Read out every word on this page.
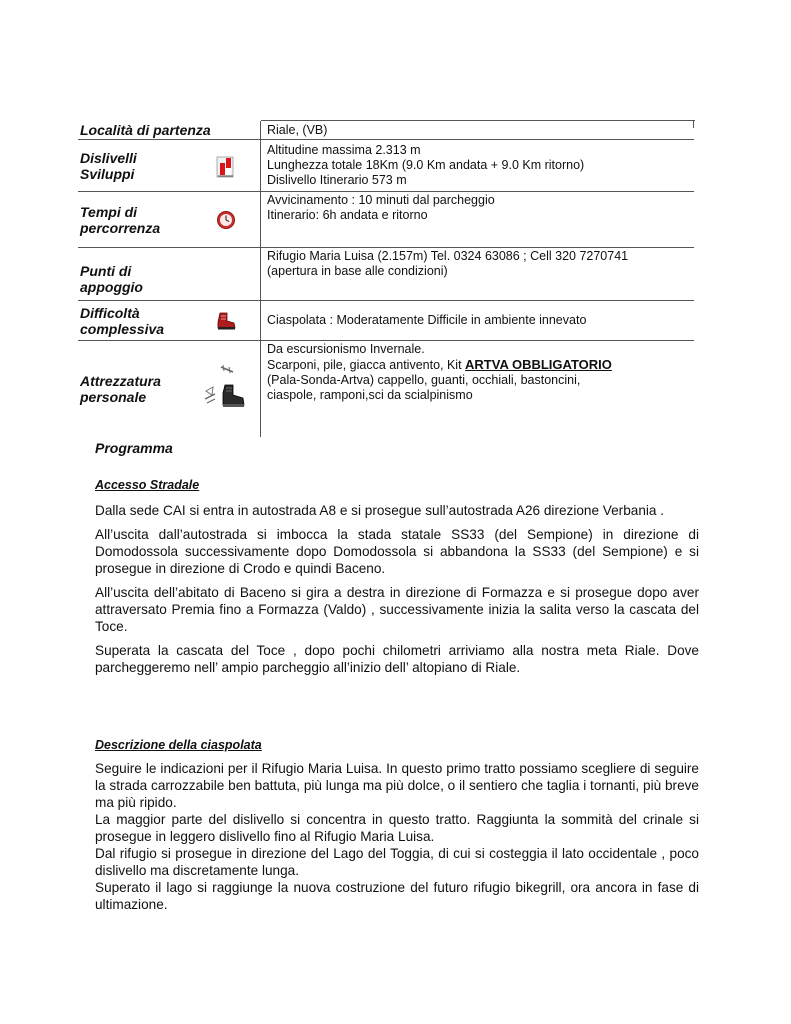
Località di partenza	Riale, (VB)
Dislivelli
Sviluppi
Altitudine massima 2.313 m
Lunghezza totale 18Km (9.0 Km andata + 9.0 Km ritorno)
Dislivello Itinerario 573 m
Tempi di
percorrenza
Avvicinamento : 10 minuti dal parcheggio
Itinerario: 6h andata e ritorno
Punti di
appoggio
Rifugio Maria Luisa (2.157m) Tel. 0324 63086 ; Cell 320 7270741
(apertura in base alle condizioni)
Difficoltà
complessiva
Ciaspolata : Moderatamente Difficile in ambiente innevato
Attrezzatura
personale
Da escursionismo Invernale.
Scarponi, pile, giacca antivento, Kit ARTVA OBBLIGATORIO
(Pala-Sonda-Artva) cappello, guanti, occhiali, bastoncini,
ciaspole, ramponi,sci da scialpinismo
Programma
Accesso Stradale

Dalla sede CAI si entra in autostrada A8 e si prosegue sull’autostrada A26 direzione Verbania .

All’uscita dall’autostrada si imbocca la stada statale SS33 (del Sempione) in direzione di Domodossola successivamente dopo Domodossola si abbandona la SS33 (del Sempione) e si prosegue in direzione di Crodo e quindi Baceno.

All’uscita dell’abitato di Baceno si gira a destra in direzione di Formazza e si prosegue dopo aver attraversato Premia fino a Formazza (Valdo) , successivamente inizia la salita verso la cascata del Toce.

Superata la cascata del Toce , dopo pochi chilometri arriviamo alla nostra meta Riale. Dove parcheggeremo nell’ ampio parcheggio all’inizio dell’ altopiano di Riale.

Descrizione della ciaspolata

Seguire le indicazioni per il Rifugio Maria Luisa. In questo primo tratto possiamo scegliere di seguire la strada carrozzabile ben battuta, più lunga ma più dolce, o il sentiero che taglia i tornanti, più breve ma più ripido.

La maggior parte del dislivello si concentra in questo tratto. Raggiunta la sommità del crinale si prosegue in leggero dislivello fino al Rifugio Maria Luisa.

Dal rifugio si prosegue in direzione del Lago del Toggia, di cui si costeggia il lato occidentale , poco dislivello ma discretamente lunga.

Superato il lago si raggiunge la nuova costruzione del futuro rifugio bikegrill, ora ancora in fase di ultimazione.
